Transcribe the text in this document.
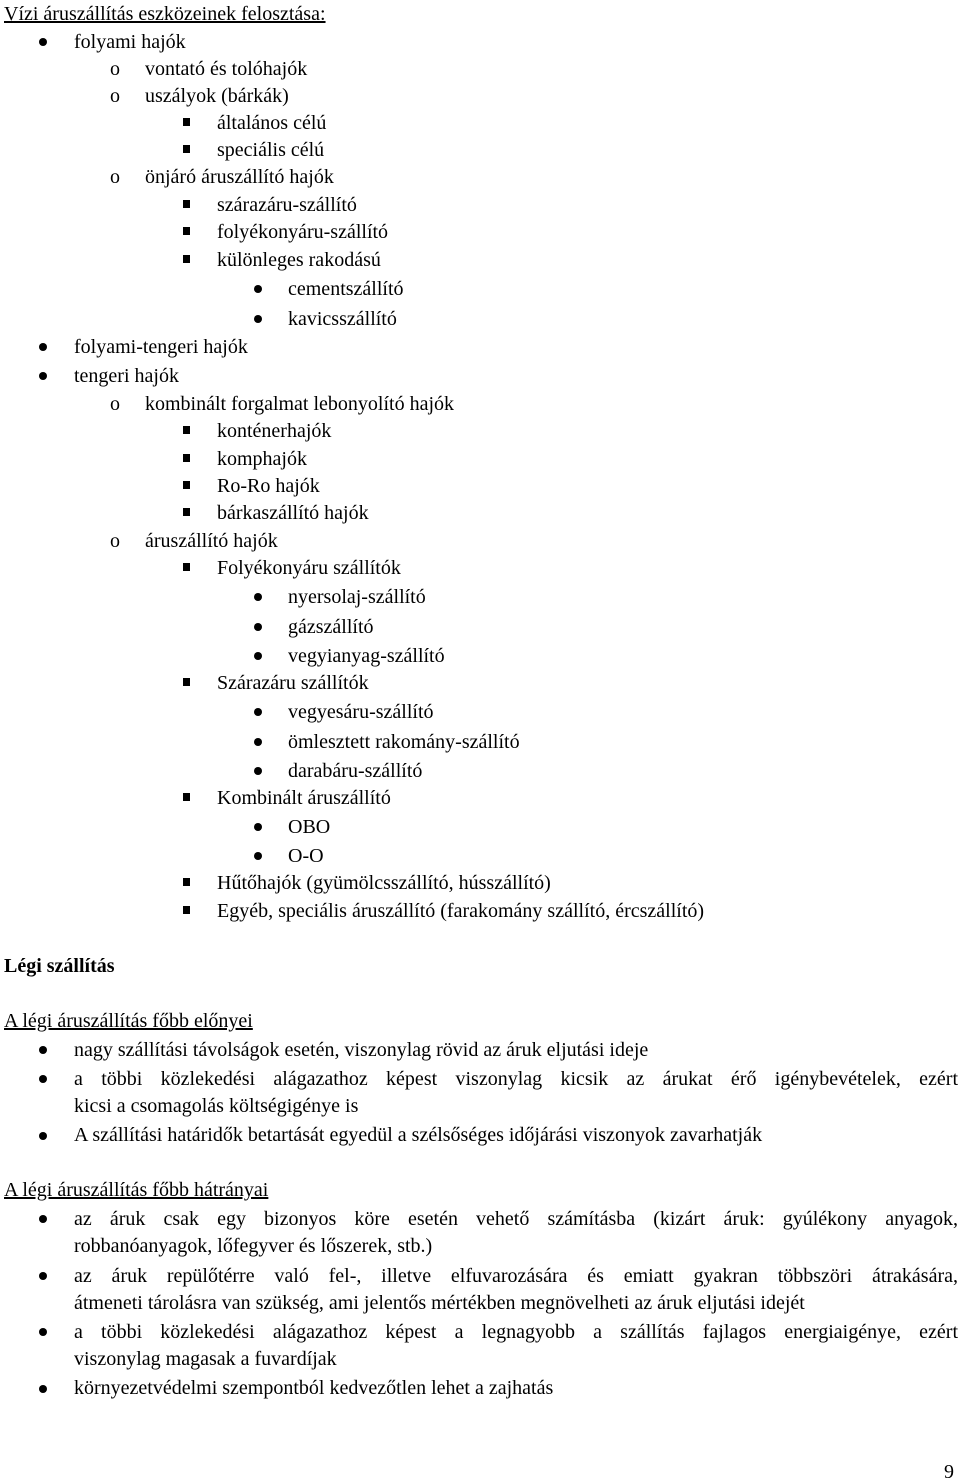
Vízi áruszállítás eszközeinek felosztása:
folyami hajók
o vontató és tolóhajók
o uszályok (bárkák)
általános célú
speciális célú
o önjáró áruszállító hajók
szárazáru-szállító
folyékonyáru-szállító
különleges rakodású
cementszállító
kavicsszállító
folyami-tengeri hajók
tengeri hajók
o kombinált forgalmat lebonyolító hajók
konténerhajók
komphajók
Ro-Ro hajók
bárkaszállító hajók
o áruszállító hajók
Folyékonyáru szállítók
nyersolaj-szállító
gázszállító
vegyianyag-szállító
Szárazáru szállítók
vegyesáru-szállító
ömlesztett rakomány-szállító
darabáru-szállító
Kombinált áruszállító
OBO
O-O
Hűtőhajók (gyümölcsszállító, hússzállító)
Egyéb, speciális áruszállító (farakomány szállító, ércszállító)
Légi szállítás
A légi áruszállítás főbb előnyei
nagy szállítási távolságok esetén, viszonylag rövid az áruk eljutási ideje
a többi közlekedési alágazathoz képest viszonylag kicsik az árukat érő igénybevételek, ezért
kicsi a csomagolás költségigénye is
A szállítási határidők betartását egyedül a szélsőséges időjárási viszonyok zavarhatják
A légi áruszállítás főbb hátrányai
az áruk csak egy bizonyos köre esetén vehető számításba (kizárt áruk: gyúlékony anyagok,
robbanóanyagok, lőfegyver és lőszerek, stb.)
az áruk repülőtérre való fel-, illetve elfuvarozására és emiatt gyakran többszöri átrakására,
átmeneti tárolásra van szükség, ami jelentős mértékben megnövelheti az áruk eljutási idejét
a többi közlekedési alágazathoz képest a legnagyobb a szállítás fajlagos energiaigénye, ezért
viszonylag magasak a fuvardíjak
környezetvédelmi szempontból kedvezőtlen lehet a zajhatás
9
